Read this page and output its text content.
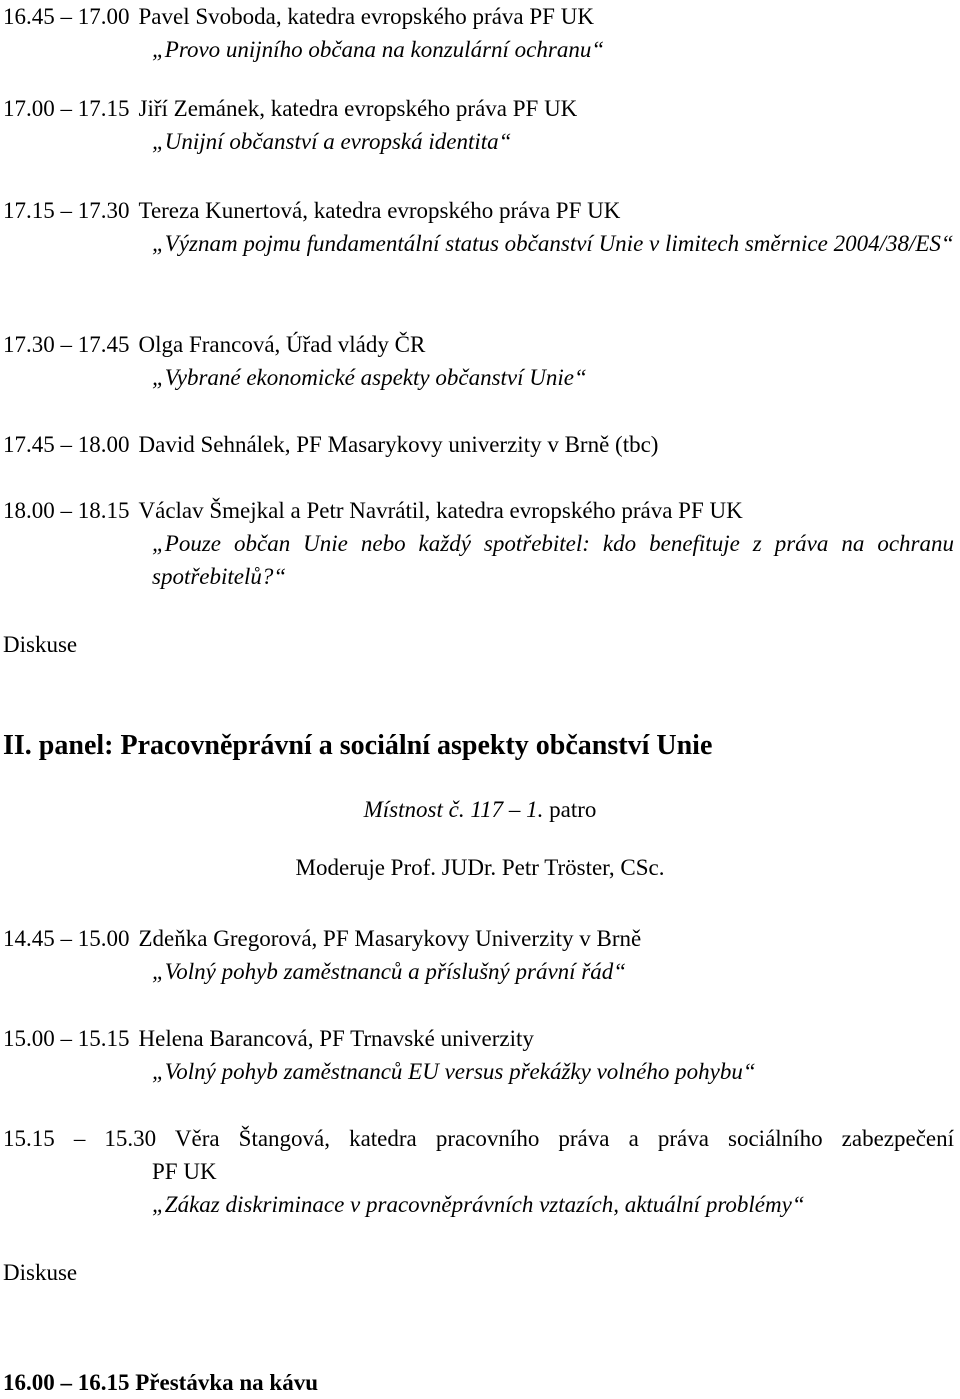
16.45 – 17.00 Pavel Svoboda, katedra evropského práva PF UK
„Provo unijního občana na konzulární ochranu“
17.00 – 17.15 Jiří Zemánek, katedra evropského práva PF UK
„Unijní občanství a evropská identita“
17.15 – 17.30 Tereza Kunertová, katedra evropského práva PF UK
„Význam pojmu fundamentální status občanství Unie v limitech směrnice 2004/38/ES“
17.30 – 17.45 Olga Francová, Úřad vlády ČR
„Vybrané ekonomické aspekty občanství Unie“
17.45 – 18.00 David Sehnálek, PF Masarykovy univerzity v Brně (tbc)
18.00 – 18.15 Václav Šmejkal a Petr Navrátil, katedra evropského práva PF UK
„Pouze občan Unie nebo každý spotřebitel: kdo benefituje z práva na ochranu spotřebitelů?“
Diskuse
II. panel: Pracovněprávní a sociální aspekty občanství Unie
Místnost č. 117 – 1. patro
Moderuje Prof. JUDr. Petr Tröster, CSc.
14.45 – 15.00 Zdeňka Gregorová, PF Masarykovy Univerzity v Brně
„Volný pohyb zaměstnanců a příslušný právní řád“
15.00 – 15.15 Helena Barancová, PF Trnavské univerzity
„Volný pohyb zaměstnanců EU versus překážky volného pohybu“
15.15 – 15.30 Věra Štangová, katedra pracovního práva a práva sociálního zabezpečení
PF UK
„Zákaz diskriminace v pracovněprávních vztazích, aktuální problémy“
Diskuse
16.00 – 16.15 Přestávka na kávu
